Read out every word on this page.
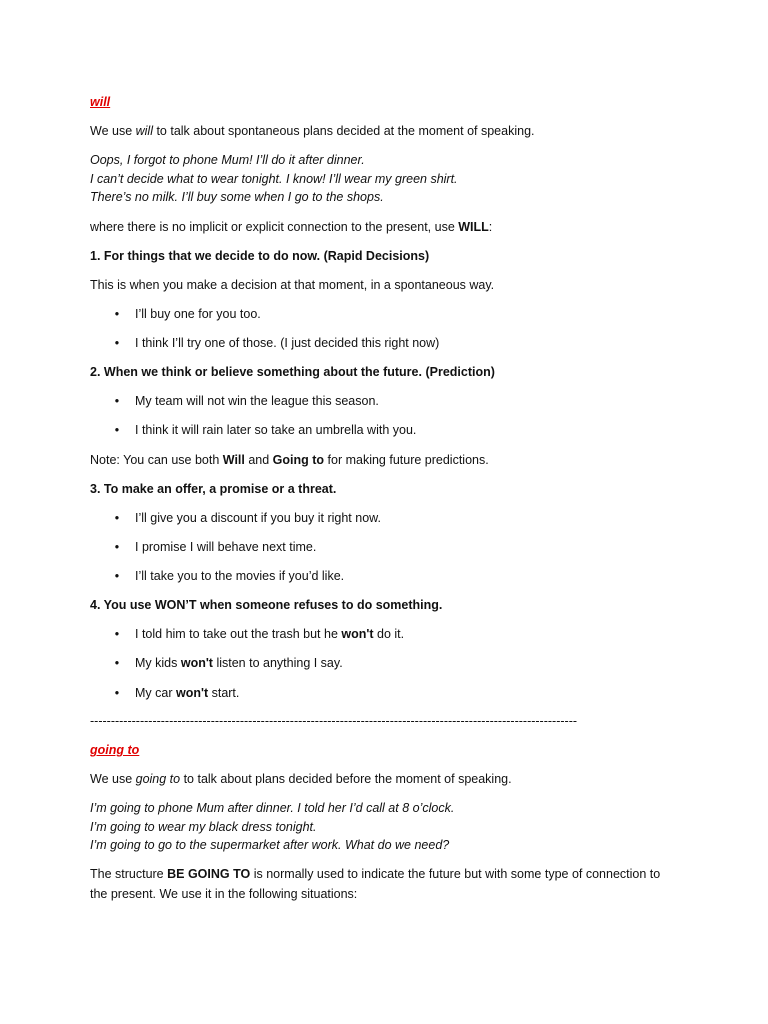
will
We use will to talk about spontaneous plans decided at the moment of speaking.
Oops, I forgot to phone Mum! I’ll do it after dinner.
I can’t decide what to wear tonight. I know! I’ll wear my green shirt.
There’s no milk. I’ll buy some when I go to the shops.
where there is no implicit or explicit connection to the present, use WILL:
1. For things that we decide to do now. (Rapid Decisions)
This is when you make a decision at that moment, in a spontaneous way.
• I’ll buy one for you too.
• I think I’ll try one of those. (I just decided this right now)
2. When we think or believe something about the future. (Prediction)
• My team will not win the league this season.
• I think it will rain later so take an umbrella with you.
Note: You can use both Will and Going to for making future predictions.
3. To make an offer, a promise or a threat.
• I’ll give you a discount if you buy it right now.
• I promise I will behave next time.
• I’ll take you to the movies if you’d like.
4. You use WON’T when someone refuses to do something.
• I told him to take out the trash but he won't do it.
• My kids won't listen to anything I say.
• My car won't start.
---------------------------------------------------------------------------------------------------------------------
going to
We use going to to talk about plans decided before the moment of speaking.
I’m going to phone Mum after dinner. I told her I’d call at 8 o’clock.
I’m going to wear my black dress tonight.
I’m going to go to the supermarket after work. What do we need?
The structure BE GOING TO is normally used to indicate the future but with some type of connection to the present. We use it in the following situations:
